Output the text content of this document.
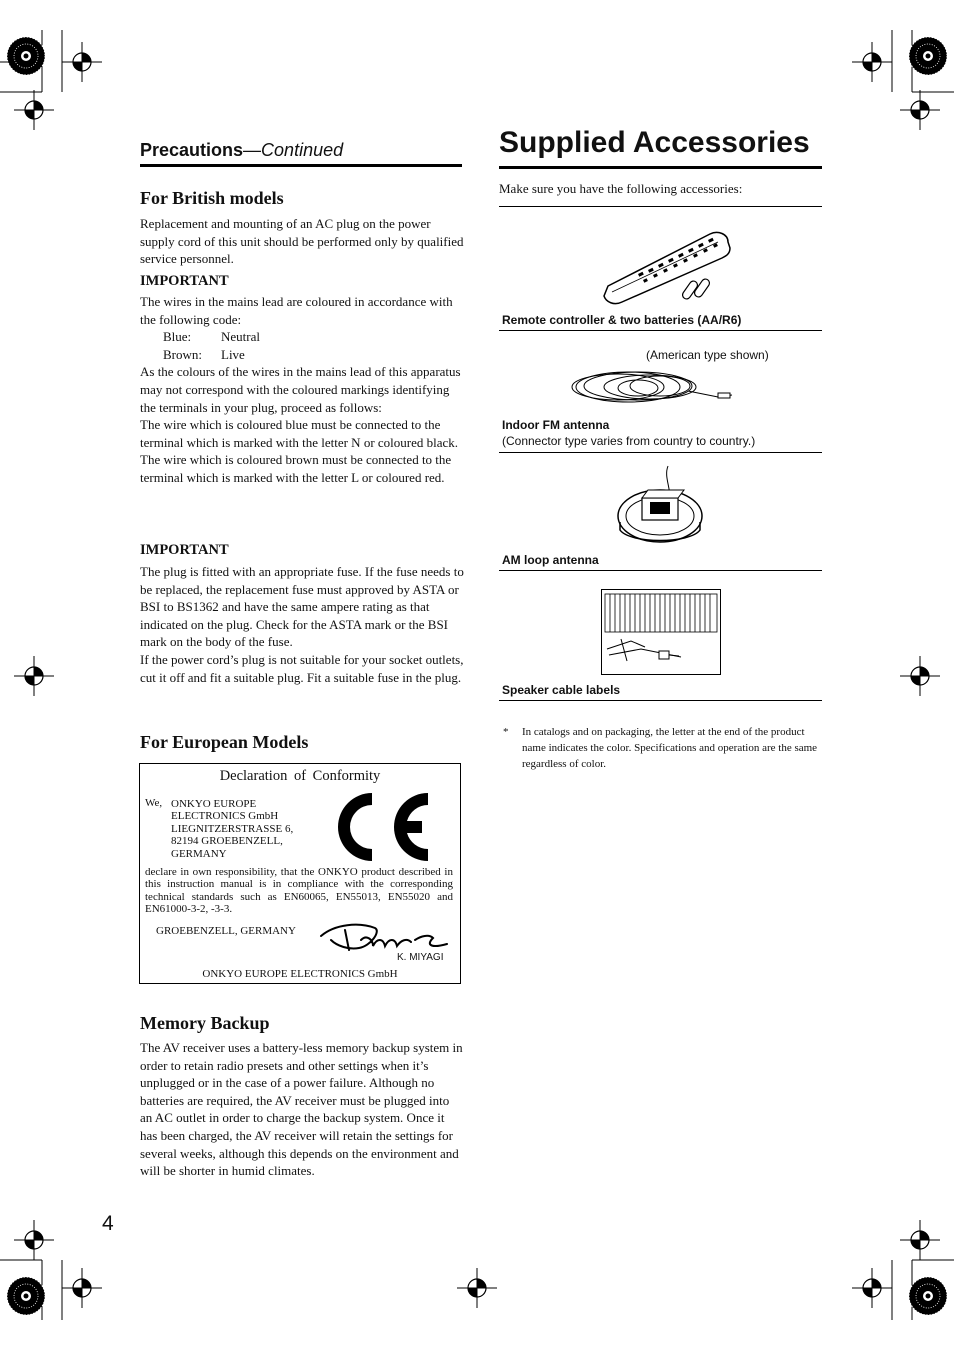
Precautions—Continued
For British models
Replacement and mounting of an AC plug on the power supply cord of this unit should be performed only by qualified service personnel.
IMPORTANT
The wires in the mains lead are coloured in accordance with the following code:
Blue:	Neutral
Brown:	Live
As the colours of the wires in the mains lead of this apparatus may not correspond with the coloured markings identifying the terminals in your plug, proceed as follows:
The wire which is coloured blue must be connected to the terminal which is marked with the letter N or coloured black.
The wire which is coloured brown must be connected to the terminal which is marked with the letter L or coloured red.
IMPORTANT
The plug is fitted with an appropriate fuse. If the fuse needs to be replaced, the replacement fuse must approved by ASTA or BSI to BS1362 and have the same ampere rating as that indicated on the plug. Check for the ASTA mark or the BSI mark on the body of the fuse.
If the power cord’s plug is not suitable for your socket outlets, cut it off and fit a suitable plug. Fit a suitable fuse in the plug.
For European Models
Declaration of Conformity
We, ONKYO EUROPE
ELECTRONICS GmbH
LIEGNITZERSTRASSE 6,
82194 GROEBENZELL,
GERMANY
declare in own responsibility, that the ONKYO product described in this instruction manual is in compliance with the corresponding technical standards such as EN60065, EN55013, EN55020 and EN61000-3-2, -3-3.
GROEBENZELL, GERMANY
K. MIYAGI
ONKYO EUROPE ELECTRONICS GmbH
Memory Backup
The AV receiver uses a battery-less memory backup system in order to retain radio presets and other settings when it’s unplugged or in the case of a power failure. Although no batteries are required, the AV receiver must be plugged into an AC outlet in order to charge the backup system. Once it has been charged, the AV receiver will retain the settings for several weeks, although this depends on the environment and will be shorter in humid climates.
4
Supplied Accessories
Make sure you have the following accessories:
Remote controller & two batteries (AA/R6)
(American type shown)
Indoor FM antenna
(Connector type varies from country to country.)
AM loop antenna
Speaker cable labels
* In catalogs and on packaging, the letter at the end of the product name indicates the color. Specifications and operation are the same regardless of color.
